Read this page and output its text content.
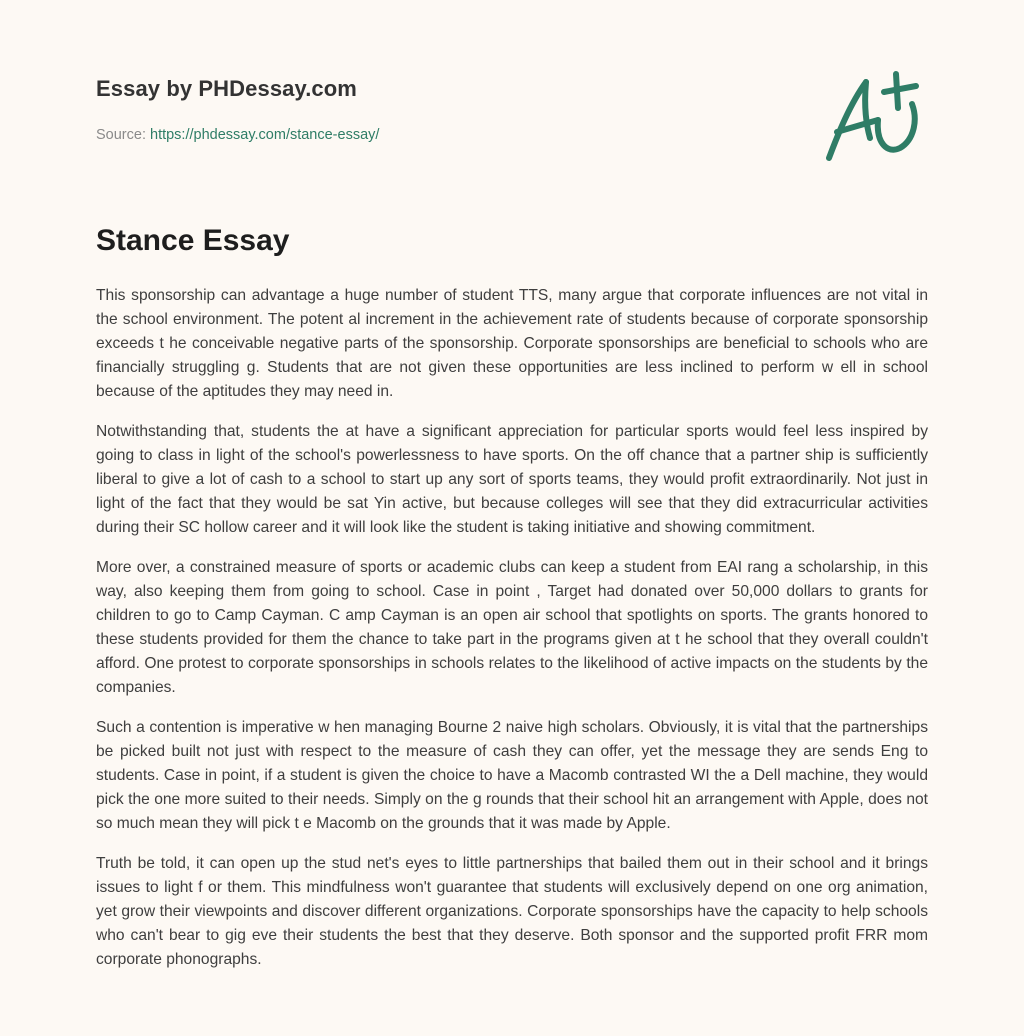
Essay by PHDessay.com
Source: https://phdessay.com/stance-essay/
Stance Essay

This sponsorship can advantage a huge number of student TTS, many argue that corporate influences are not vital in the school environment. The potent al increment in the achievement rate of students because of corporate sponsorship exceeds t he conceivable negative parts of the sponsorship. Corporate sponsorships are beneficial to schools who are financially struggling g. Students that are not given these opportunities are less inclined to perform w ell in school because of the aptitudes they may need in.

Notwithstanding that, students the at have a significant appreciation for particular sports would feel less inspired by going to class in light of the school's powerlessness to have sports. On the off chance that a partner ship is sufficiently liberal to give a lot of cash to a school to start up any sort of sports teams, they would profit extraordinarily. Not just in light of the fact that they would be sat Yin active, but because colleges will see that they did extracurricular activities during their SC hollow career and it will look like the student is taking initiative and showing commitment.

More over, a constrained measure of sports or academic clubs can keep a student from EAI rang a scholarship, in this way, also keeping them from going to school. Case in point , Target had donated over 50,000 dollars to grants for children to go to Camp Cayman. C amp Cayman is an open air school that spotlights on sports. The grants honored to these students provided for them the chance to take part in the programs given at t he school that they overall couldn't afford. One protest to corporate sponsorships in schools relates to the likelihood of active impacts on the students by the companies.

Such a contention is imperative w hen managing Bourne 2 naive high scholars. Obviously, it is vital that the partnerships be picked built not just with respect to the measure of cash they can offer, yet the message they are sends Eng to students. Case in point, if a student is given the choice to have a Macomb contrasted WI the a Dell machine, they would pick the one more suited to their needs. Simply on the g rounds that their school hit an arrangement with Apple, does not so much mean they will pick t e Macomb on the grounds that it was made by Apple.

Truth be told, it can open up the stud net's eyes to little partnerships that bailed them out in their school and it brings issues to light f or them. This mindfulness won't guarantee that students will exclusively depend on one org animation, yet grow their viewpoints and discover different organizations. Corporate sponsorships have the capacity to help schools who can't bear to gig eve their students the best that they deserve. Both sponsor and the supported profit FRR mom corporate phonographs.
